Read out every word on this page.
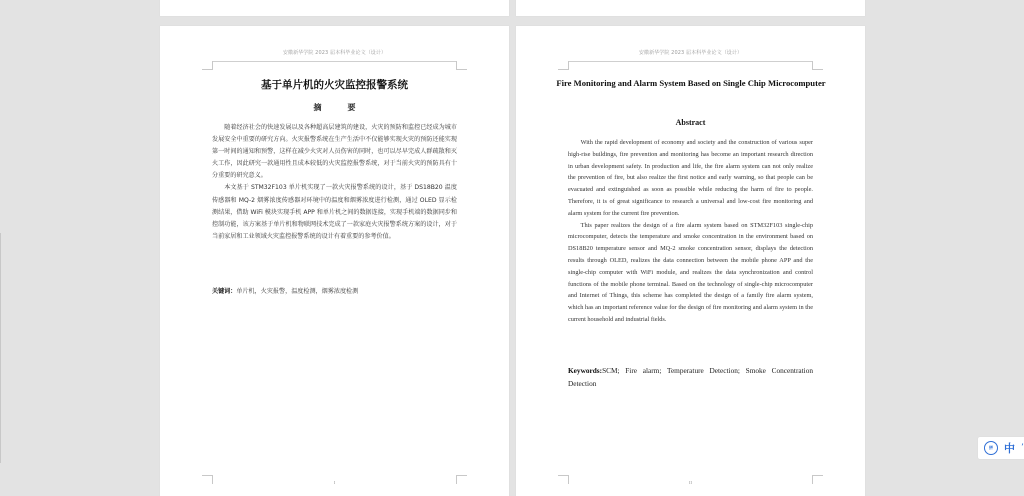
安徽新华学院 2023 届本科毕业论文（设计）
基于单片机的火灾监控报警系统
摘　要

随着经济社会的快速发展以及各种超高层建筑的建设，火灾的预防和监控已经成为城市发展安全中重要的研究方向。火灾报警系统在生产生活中不仅能够实现火灾的预防还能实现第一时间的通知和预警，这样在减少火灾对人员伤害的同时，也可以尽早完成人群疏散和灭火工作，因此研究一款通用性且成本较低的火灾监控报警系统，对于当前火灾的预防具有十分重要的研究意义。

本文基于 STM32F103 单片机实现了一款火灾报警系统的设计，基于 DS18B20 温度传感器和 MQ-2 烟雾浓度传感器对环境中的温度和烟雾浓度进行检测，通过 OLED 显示检测结果，借助 WiFi 模块实现手机 APP 和单片机之间的数据连接，实现手机端的数据同步和控制功能，该方案基于单片机和物联网技术完成了一款家庭火灾报警系统方案的设计，对于当前家居和工业领域火灾监控报警系统的设计有着重要的参考价值。

关键词：单片机，火灾报警，温度检测，烟雾浓度检测
I
安徽新华学院 2023 届本科毕业论文（设计）
Fire Monitoring and Alarm System Based on Single Chip Microcomputer
Abstract

With the rapid development of economy and society and the construction of various super high-rise buildings, fire prevention and monitoring has become an important research direction in urban development safety. In production and life, the fire alarm system can not only realize the prevention of fire, but also realize the first notice and early warning, so that people can be evacuated and extinguished as soon as possible while reducing the harm of fire to people. Therefore, it is of great significance to research a universal and low-cost fire monitoring and alarm system for the current fire prevention.

This paper realizes the design of a fire alarm system based on STM32F103 single-chip microcomputer, detects the temperature and smoke concentration in the environment based on DS18B20 temperature sensor and MQ-2 smoke concentration sensor, displays the detection results through OLED, realizes the data connection between the mobile phone APP and the single-chip computer with WiFi module, and realizes the data synchronization and control functions of the mobile phone terminal. Based on the technology of single-chip microcomputer and Internet of Things, this scheme has completed the design of a family fire alarm system, which has an important reference value for the design of fire monitoring and alarm system in the current household and industrial fields.

Keywords:SCM; Fire alarm; Temperature Detection; Smoke Concentration Detection
II
拼	中 ʼ
